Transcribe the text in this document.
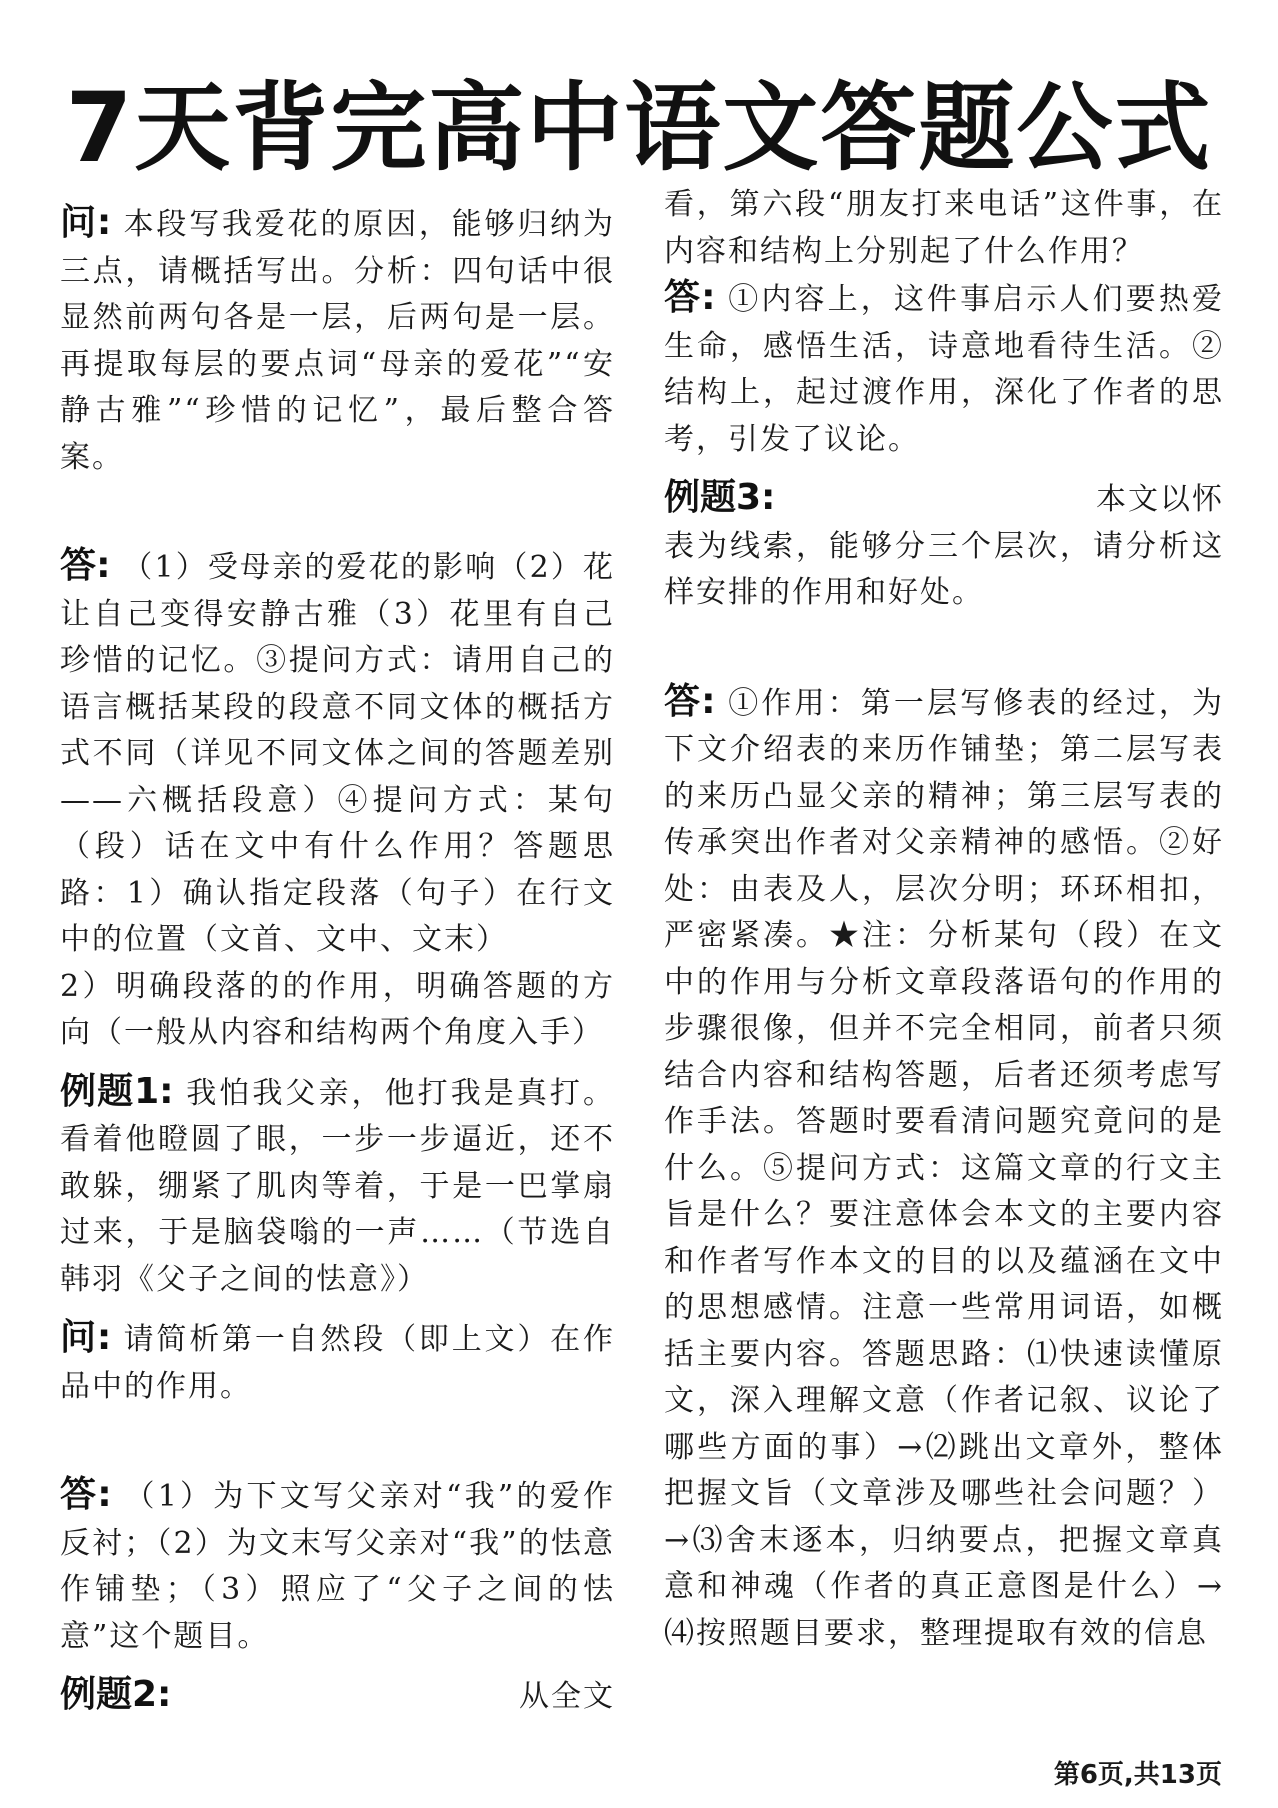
7天背完高中语文答题公式

问: 本段写我爱花的原因，能够归纳为三点，请概括写出。分析：四句话中很显然前两句各是一层，后两句是一层。再提取每层的要点词“母亲的爱花”“安静古雅”“珍惜的记忆”，最后整合答案。

答: （1）受母亲的爱花的影响（2）花让自己变得安静古雅（3）花里有自己珍惜的记忆。③提问方式：请用自己的语言概括某段的段意不同文体的概括方式不同（详见不同文体之间的答题差别——六概括段意）④提问方式：某句（段）话在文中有什么作用？答题思路：1）确认指定段落（句子）在行文中的位置（文首、文中、文末）

2）明确段落的的作用，明确答题的方向（一般从内容和结构两个角度入手）

例题1: 我怕我父亲，他打我是真打。看着他瞪圆了眼，一步一步逼近，还不敢躲，绷紧了肌肉等着，于是一巴掌扇过来，于是脑袋嗡的一声……（节选自韩羽《父子之间的怯意》）

问: 请简析第一自然段（即上文）在作品中的作用。

答: （1）为下文写父亲对“我”的爱作反衬；（2）为文末写父亲对“我”的怯意作铺垫；（3）照应了“父子之间的怯意”这个题目。

例题2:	从全文

看，第六段“朋友打来电话”这件事，在内容和结构上分别起了什么作用？

答: ①内容上，这件事启示人们要热爱生命，感悟生活，诗意地看待生活。②结构上，起过渡作用，深化了作者的思考，引发了议论。

例题3:	本文以怀

表为线索，能够分三个层次，请分析这样安排的作用和好处。

答: ①作用：第一层写修表的经过，为下文介绍表的来历作铺垫；第二层写表的来历凸显父亲的精神；第三层写表的传承突出作者对父亲精神的感悟。②好处：由表及人，层次分明；环环相扣，严密紧凑。★注：分析某句（段）在文中的作用与分析文章段落语句的作用的步骤很像，但并不完全相同，前者只须结合内容和结构答题，后者还须考虑写作手法。答题时要看清问题究竟问的是什么。⑤提问方式：这篇文章的行文主旨是什么？要注意体会本文的主要内容和作者写作本文的目的以及蕴涵在文中的思想感情。注意一些常用词语，如概括主要内容。答题思路：⑴快速读懂原文，深入理解文意（作者记叙、议论了哪些方面的事）→⑵跳出文章外，整体把握文旨（文章涉及哪些社会问题？）→⑶舍末逐本，归纳要点，把握文章真意和神魂（作者的真正意图是什么）→⑷按照题目要求，整理提取有效的信息

第6页,共13页
